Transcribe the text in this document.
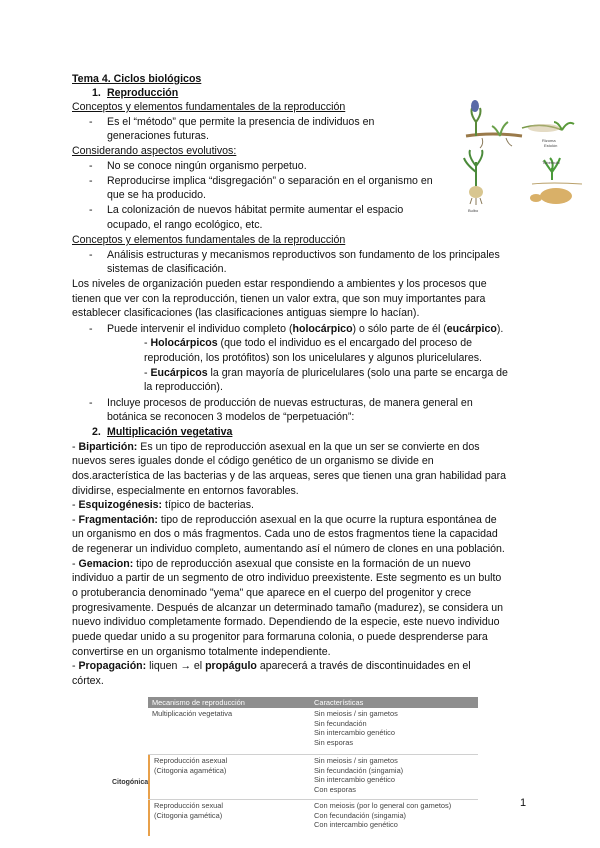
Tema 4. Ciclos biológicos
1. Reproducción
Conceptos y elementos fundamentales de la reproducción
- Es el “método” que permite la presencia de individuos en
generaciones futuras.
Considerando aspectos evolutivos:
- No se conoce ningún organismo perpetuo.
- Reproducirse implica “disgregación” o separación en el organismo en
que se ha producido.
- La colonización de nuevos hábitat permite aumentar el espacio
ocupado, el rango ecológico, etc.
Conceptos y elementos fundamentales de la reproducción
- Análisis estructuras y mecanismos reproductivos son fundamento de los principales
sistemas de clasificación.
Los niveles de organización pueden estar respondiendo a ambientes y los procesos que
tienen que ver con la reproducción, tienen un valor extra, que son muy importantes para
establecer clasificaciones (las clasificaciones antiguas siempre lo hacían).
- Puede intervenir el individuo completo (holocárpico) o sólo parte de él (eucárpico).
- Holocárpicos (que todo el individuo es el encargado del proceso de
reprodución, los protófitos) son los unicelulares y algunos pluricelulares.
- Eucárpicos la gran mayoría de pluricelulares (solo una parte se encarga de
la reproducción).
- Incluye procesos de producción de nuevas estructuras, de manera general en
botánica se reconocen 3 modelos de “perpetuación”:
2. Multiplicación vegetativa
- Bipartición: Es un tipo de reproducción asexual en la que un ser se convierte en dos
nuevos seres iguales donde el código genético de un organismo se divide en
dos.aracterística de las bacterias y de las arqueas, seres que tienen una gran habilidad para
dividirse, especialmente en entornos favorables.
- Esquizogénesis: típico de bacterias.
- Fragmentación: tipo de reproducción asexual en la que ocurre la ruptura espontánea de
un organismo en dos o más fragmentos. Cada uno de estos fragmentos tiene la capacidad
de regenerar un individuo completo, aumentando así el número de clones en una población.
- Gemacion: tipo de reproducción asexual que consiste en la formación de un nuevo
individuo a partir de un segmento de otro individuo preexistente. Este segmento es un bulto
o protuberancia denominado "yema" que aparece en el cuerpo del progenitor y crece
progresivamente. Después de alcanzar un determinado tamaño (madurez), se considera un
nuevo individuo completamente formado. Dependiendo de la especie, este nuevo individuo
puede quedar unido a su progenitor para formaruna colonia, o puede desprenderse para
convertirse en un organismo totalmente independiente.
- Propagación: liquen → el propágulo aparecerá a través de discontinuidades en el
córtex.
Rizoma
Estolón
Bulbo
Tubérculo
Mecanismo de reproducción	Características
Multiplicación vegetativa	Sin meiosis / sin gametos
Sin fecundación
Sin intercambio genético
Sin esporas
Reproducción asexual
(Citogonia agamética)
Sin meiosis / sin gametos
Sin fecundación (singamia)
Sin intercambio genético
Con esporas
Reproducción sexual
(Citogonia gamética)
Con meiosis (por lo general con gametos)
Con fecundación (singamia)
Con intercambio genético
Citogónica
1
